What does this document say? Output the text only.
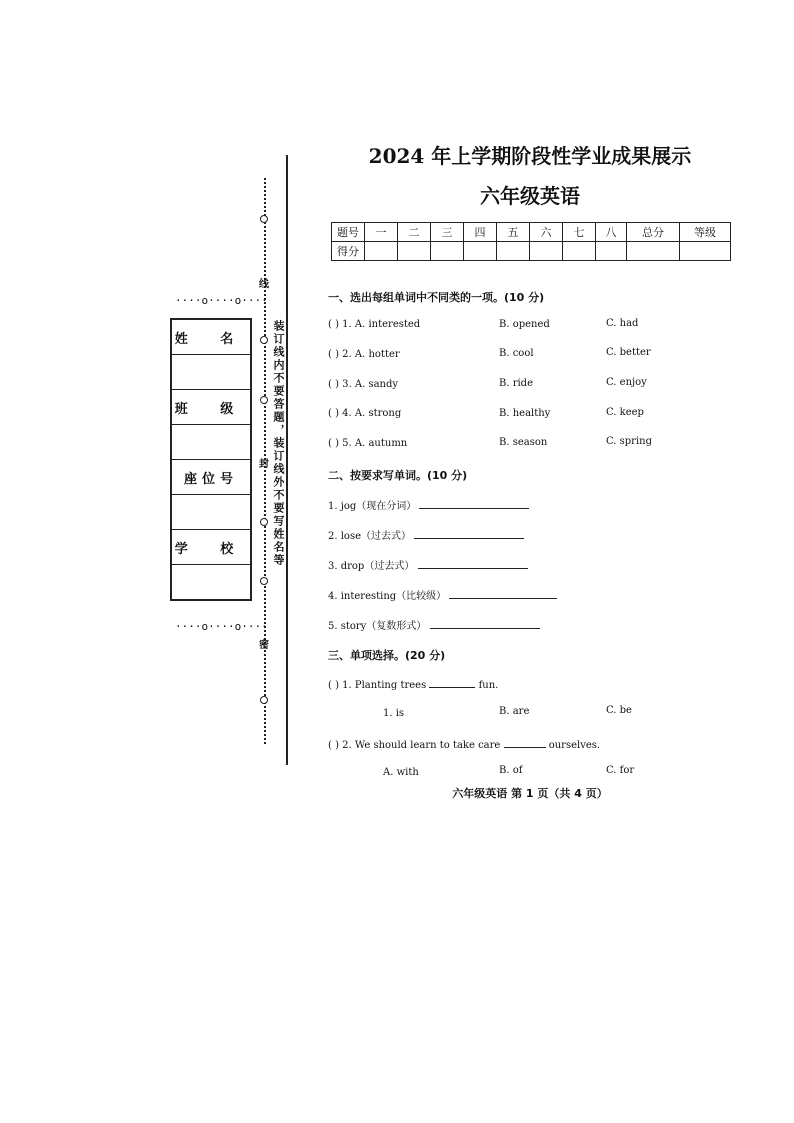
线
封
密
装订线内不要答题，装订线外不要写姓名等
····o····o····
····o····o····
姓 名
班 级
座位号
学 校
2024 年上学期阶段性学业成果展示
六年级英语
题号	一	二	三	四	五	六	七	八	总分	等级
得分										
一、选出每组单词中不同类的一项。(10 分)
( ) 1. A. interested	B. opened	C. had
( ) 2. A. hotter	B. cool	C. better
( ) 3. A. sandy	B. ride	C. enjoy
( ) 4. A. strong	B. healthy	C. keep
( ) 5. A. autumn	B. season	C. spring
二、按要求写单词。(10 分)
1. jog（现在分词）
2. lose（过去式）
3. drop（过去式）
4. interesting（比较级）
5. story（复数形式）
三、单项选择。(20 分)
( ) 1. Planting trees	fun.
1. is	B. are	C. be
( ) 2. We should learn to take care	ourselves.
A. with	B. of	C. for
六年级英语 第 1 页（共 4 页）
